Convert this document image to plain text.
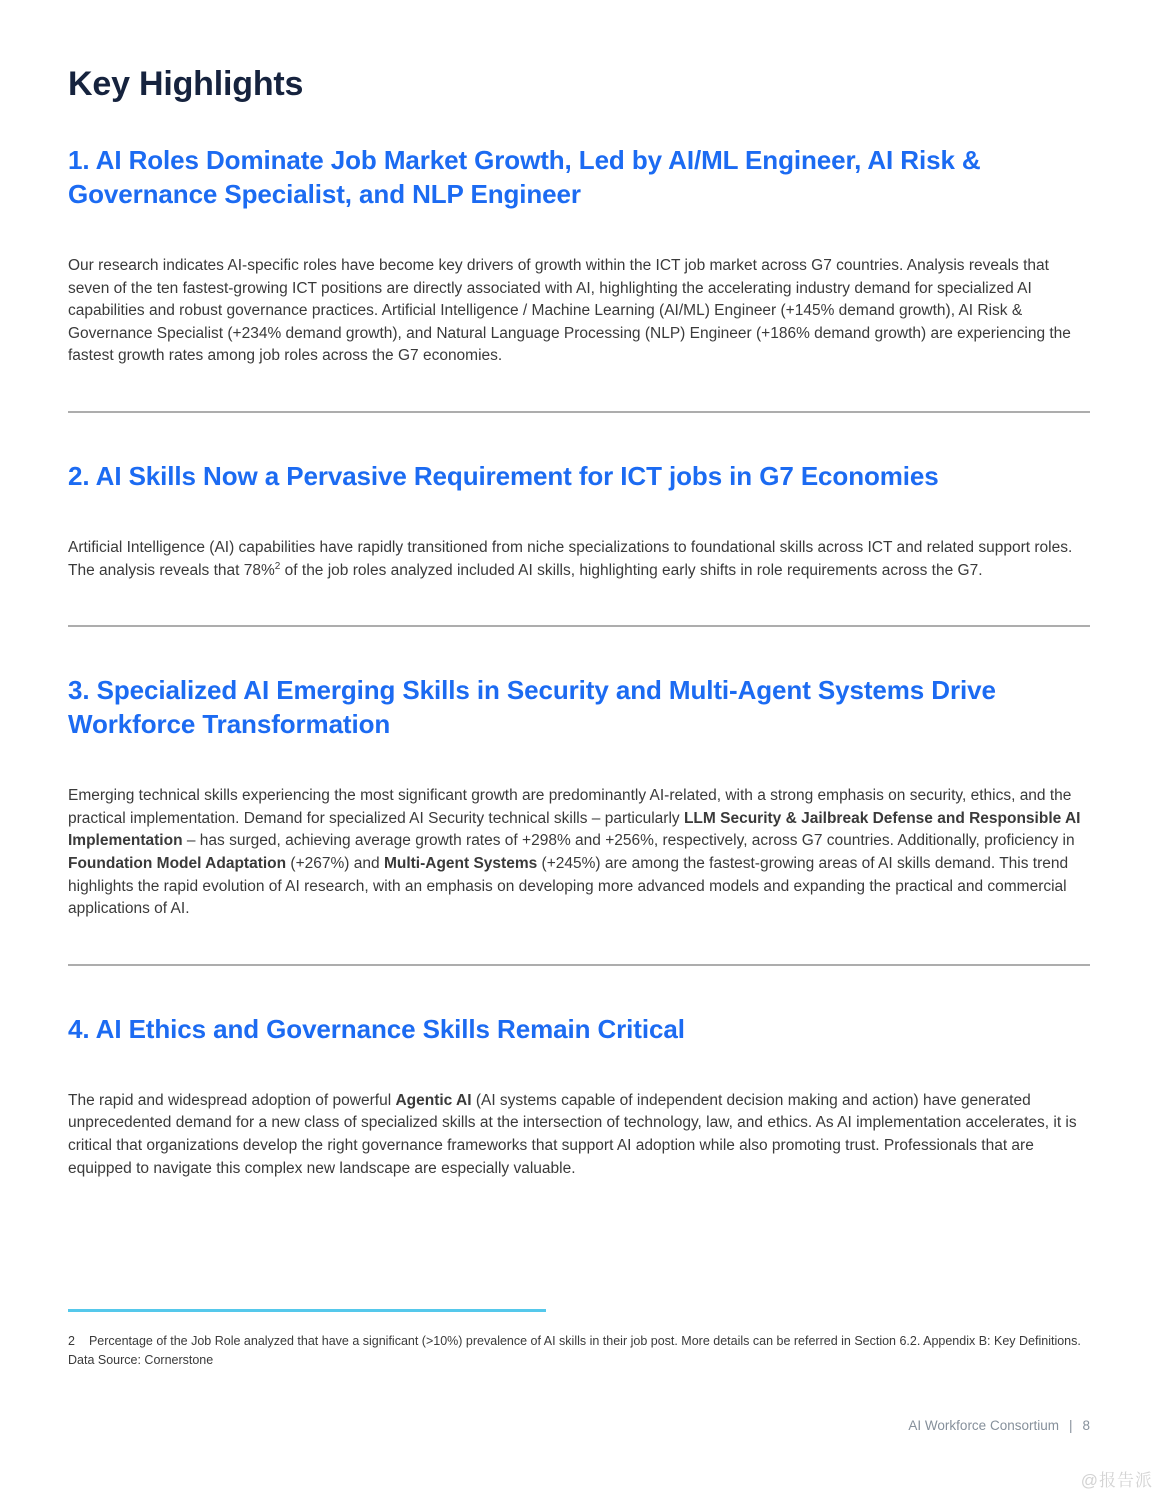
Key Highlights
1. AI Roles Dominate Job Market Growth, Led by AI/ML Engineer, AI Risk & Governance Specialist, and NLP Engineer

Our research indicates AI-specific roles have become key drivers of growth within the ICT job market across G7 countries. Analysis reveals that seven of the ten fastest-growing ICT positions are directly associated with AI, highlighting the accelerating industry demand for specialized AI capabilities and robust governance practices. Artificial Intelligence / Machine Learning (AI/ML) Engineer (+145% demand growth), AI Risk & Governance Specialist (+234% demand growth), and Natural Language Processing (NLP) Engineer (+186% demand growth) are experiencing the fastest growth rates among job roles across the G7 economies.

2. AI Skills Now a Pervasive Requirement for ICT jobs in G7 Economies

Artificial Intelligence (AI) capabilities have rapidly transitioned from niche specializations to foundational skills across ICT and related support roles. The analysis reveals that 78%$^2$ of the job roles analyzed included AI skills, highlighting early shifts in role requirements across the G7.

3. Specialized AI Emerging Skills in Security and Multi-Agent Systems Drive Workforce Transformation

Emerging technical skills experiencing the most significant growth are predominantly AI-related, with a strong emphasis on security, ethics, and the practical implementation. Demand for specialized AI Security technical skills – particularly LLM Security & Jailbreak Defense and Responsible AI Implementation – has surged, achieving average growth rates of +298% and +256%, respectively, across G7 countries. Additionally, proficiency in Foundation Model Adaptation (+267%) and Multi-Agent Systems (+245%) are among the fastest-growing areas of AI skills demand. This trend highlights the rapid evolution of AI research, with an emphasis on developing more advanced models and expanding the practical and commercial applications of AI.

4. AI Ethics and Governance Skills Remain Critical

The rapid and widespread adoption of powerful Agentic AI (AI systems capable of independent decision making and action) have generated unprecedented demand for a new class of specialized skills at the intersection of technology, law, and ethics. As AI implementation accelerates, it is critical that organizations develop the right governance frameworks that support AI adoption while also promoting trust. Professionals that are equipped to navigate this complex new landscape are especially valuable.

2 Percentage of the Job Role analyzed that have a significant (>10%) prevalence of AI skills in their job post. More details can be referred in Section 6.2. Appendix B: Key Definitions. Data Source: Cornerstone
AI Workforce Consortium | 8
@报告派
